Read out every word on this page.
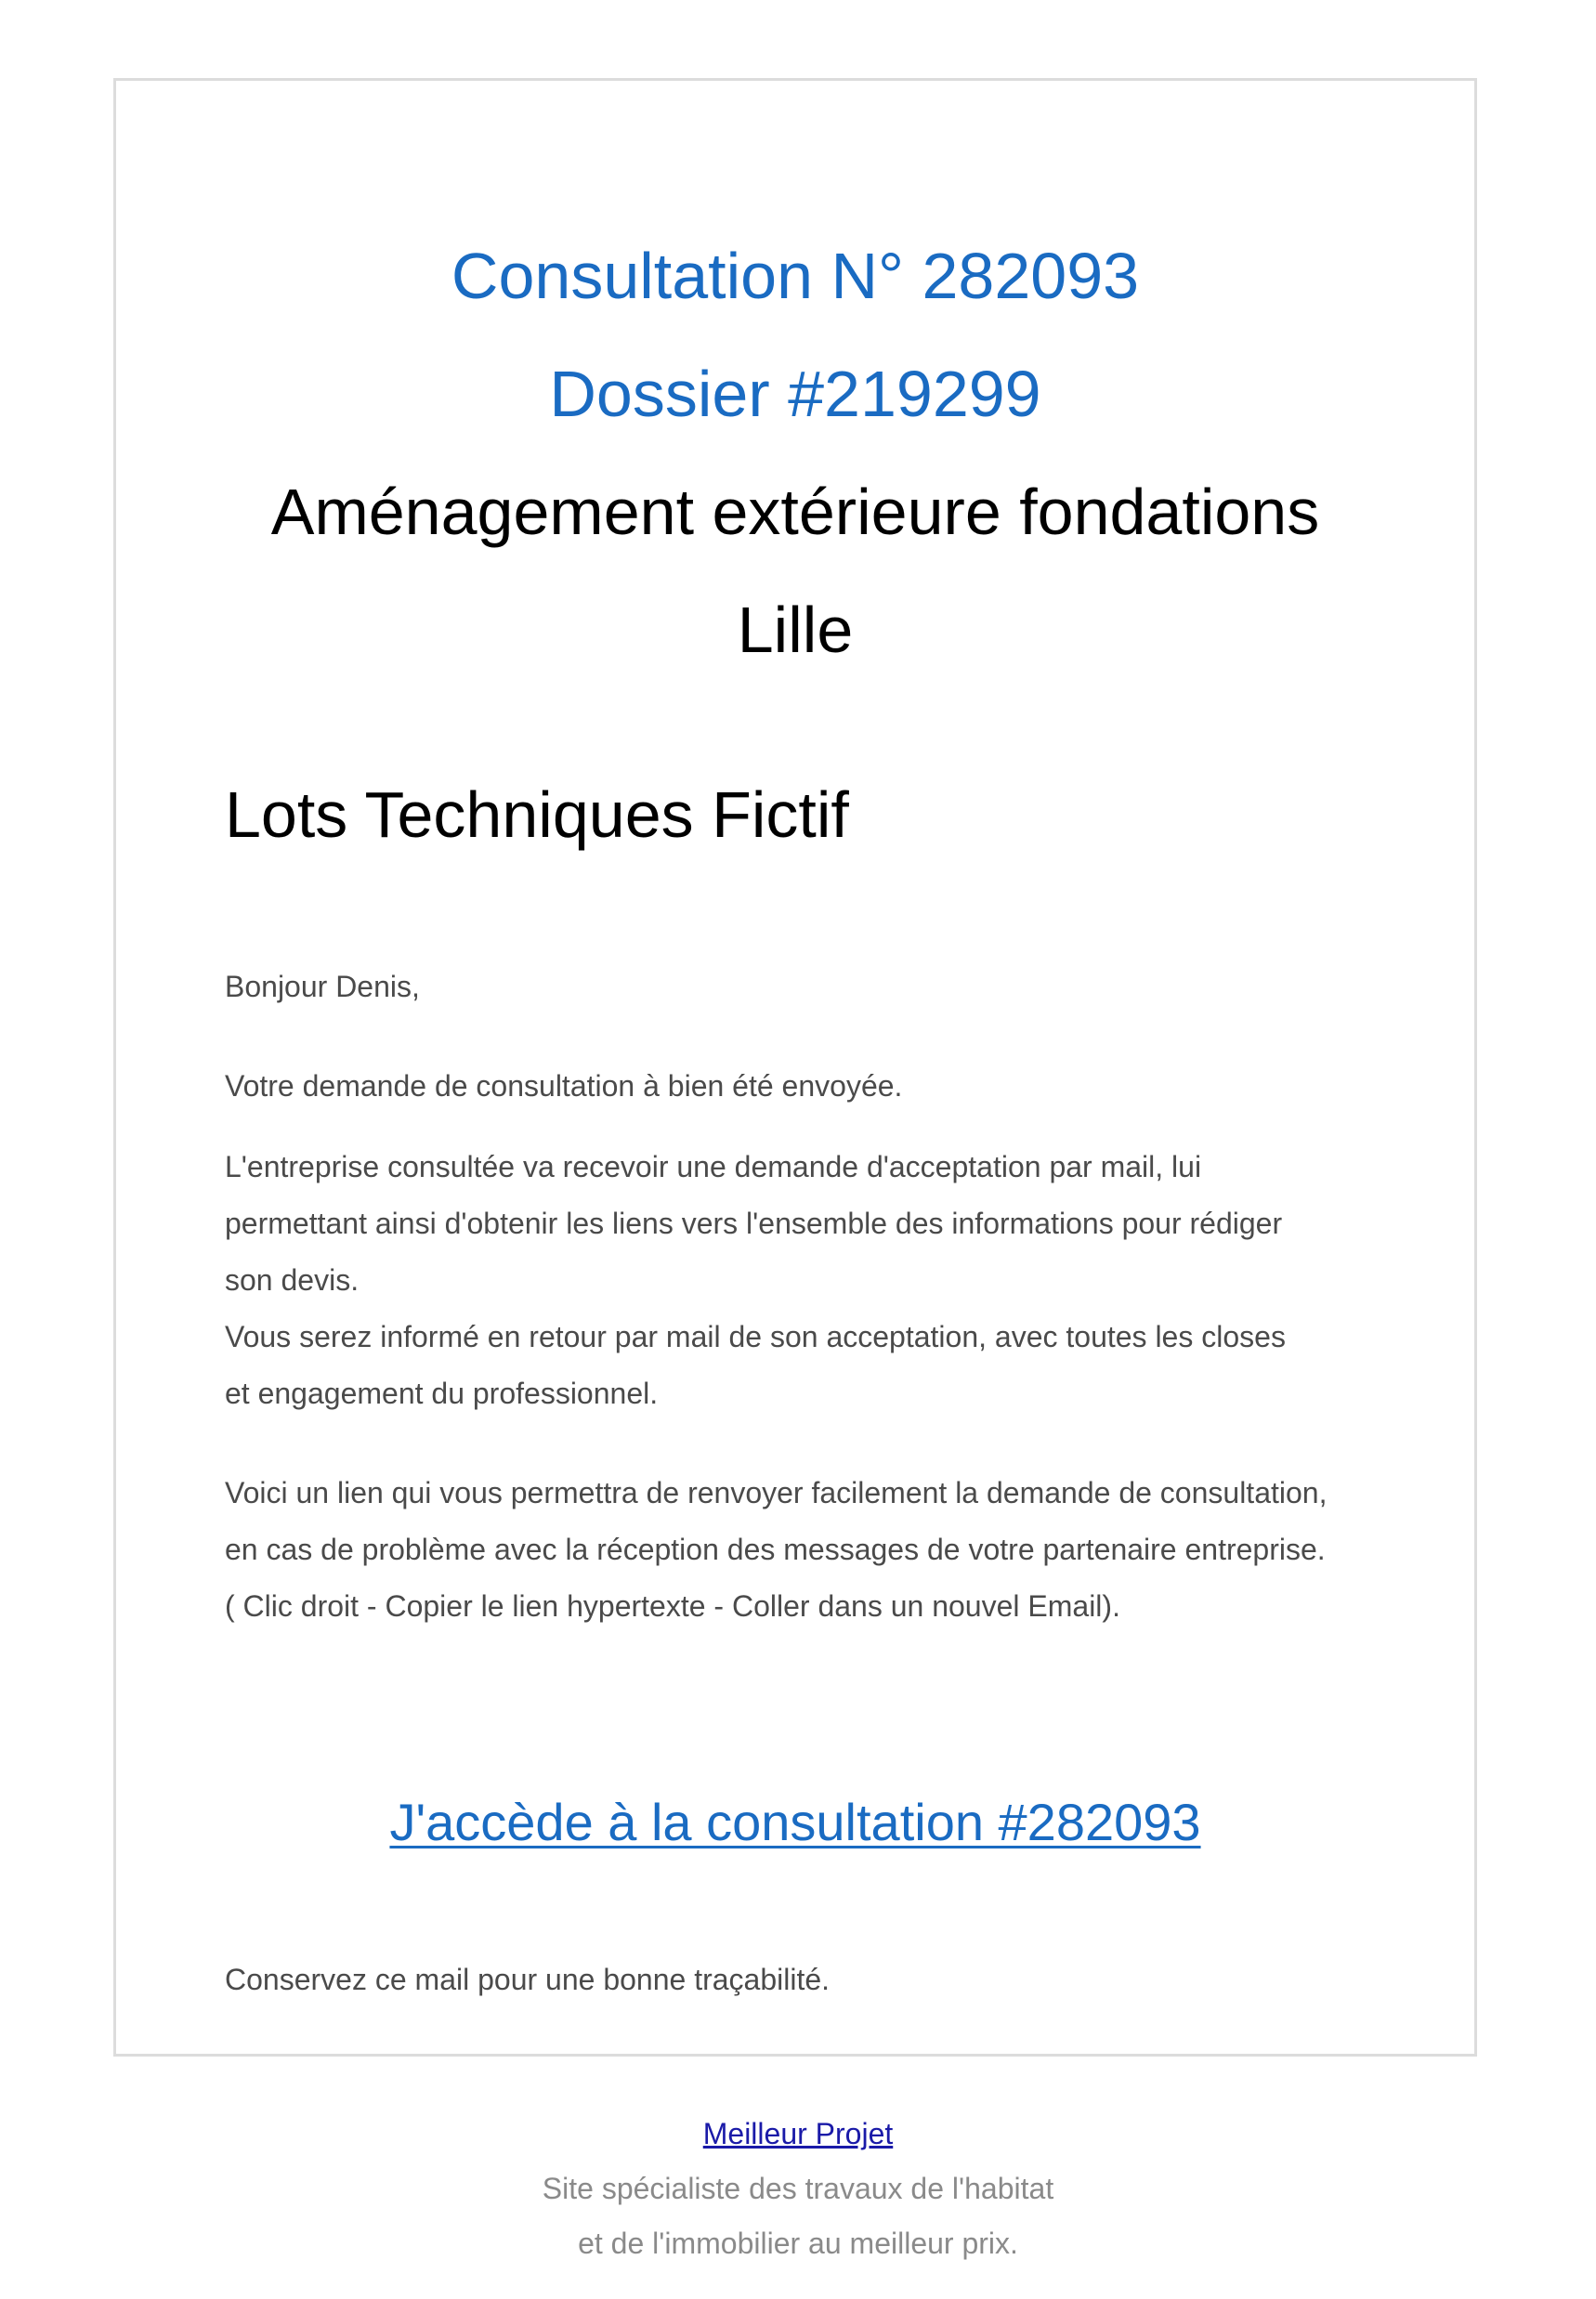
Consultation N° 282093
Dossier #219299
Aménagement extérieure fondations
Lille
Lots Techniques Fictif

Bonjour Denis,

Votre demande de consultation à bien été envoyée.

L'entreprise consultée va recevoir une demande d'acceptation par mail, lui
permettant ainsi d'obtenir les liens vers l'ensemble des informations pour rédiger
son devis.
Vous serez informé en retour par mail de son acceptation, avec toutes les closes
et engagement du professionnel.

Voici un lien qui vous permettra de renvoyer facilement la demande de consultation,
en cas de problème avec la réception des messages de votre partenaire entreprise.
( Clic droit - Copier le lien hypertexte - Coller dans un nouvel Email).

J'accède à la consultation #282093

Conservez ce mail pour une bonne traçabilité.

Meilleur Projet
Site spécialiste des travaux de l'habitat
et de l'immobilier au meilleur prix.
